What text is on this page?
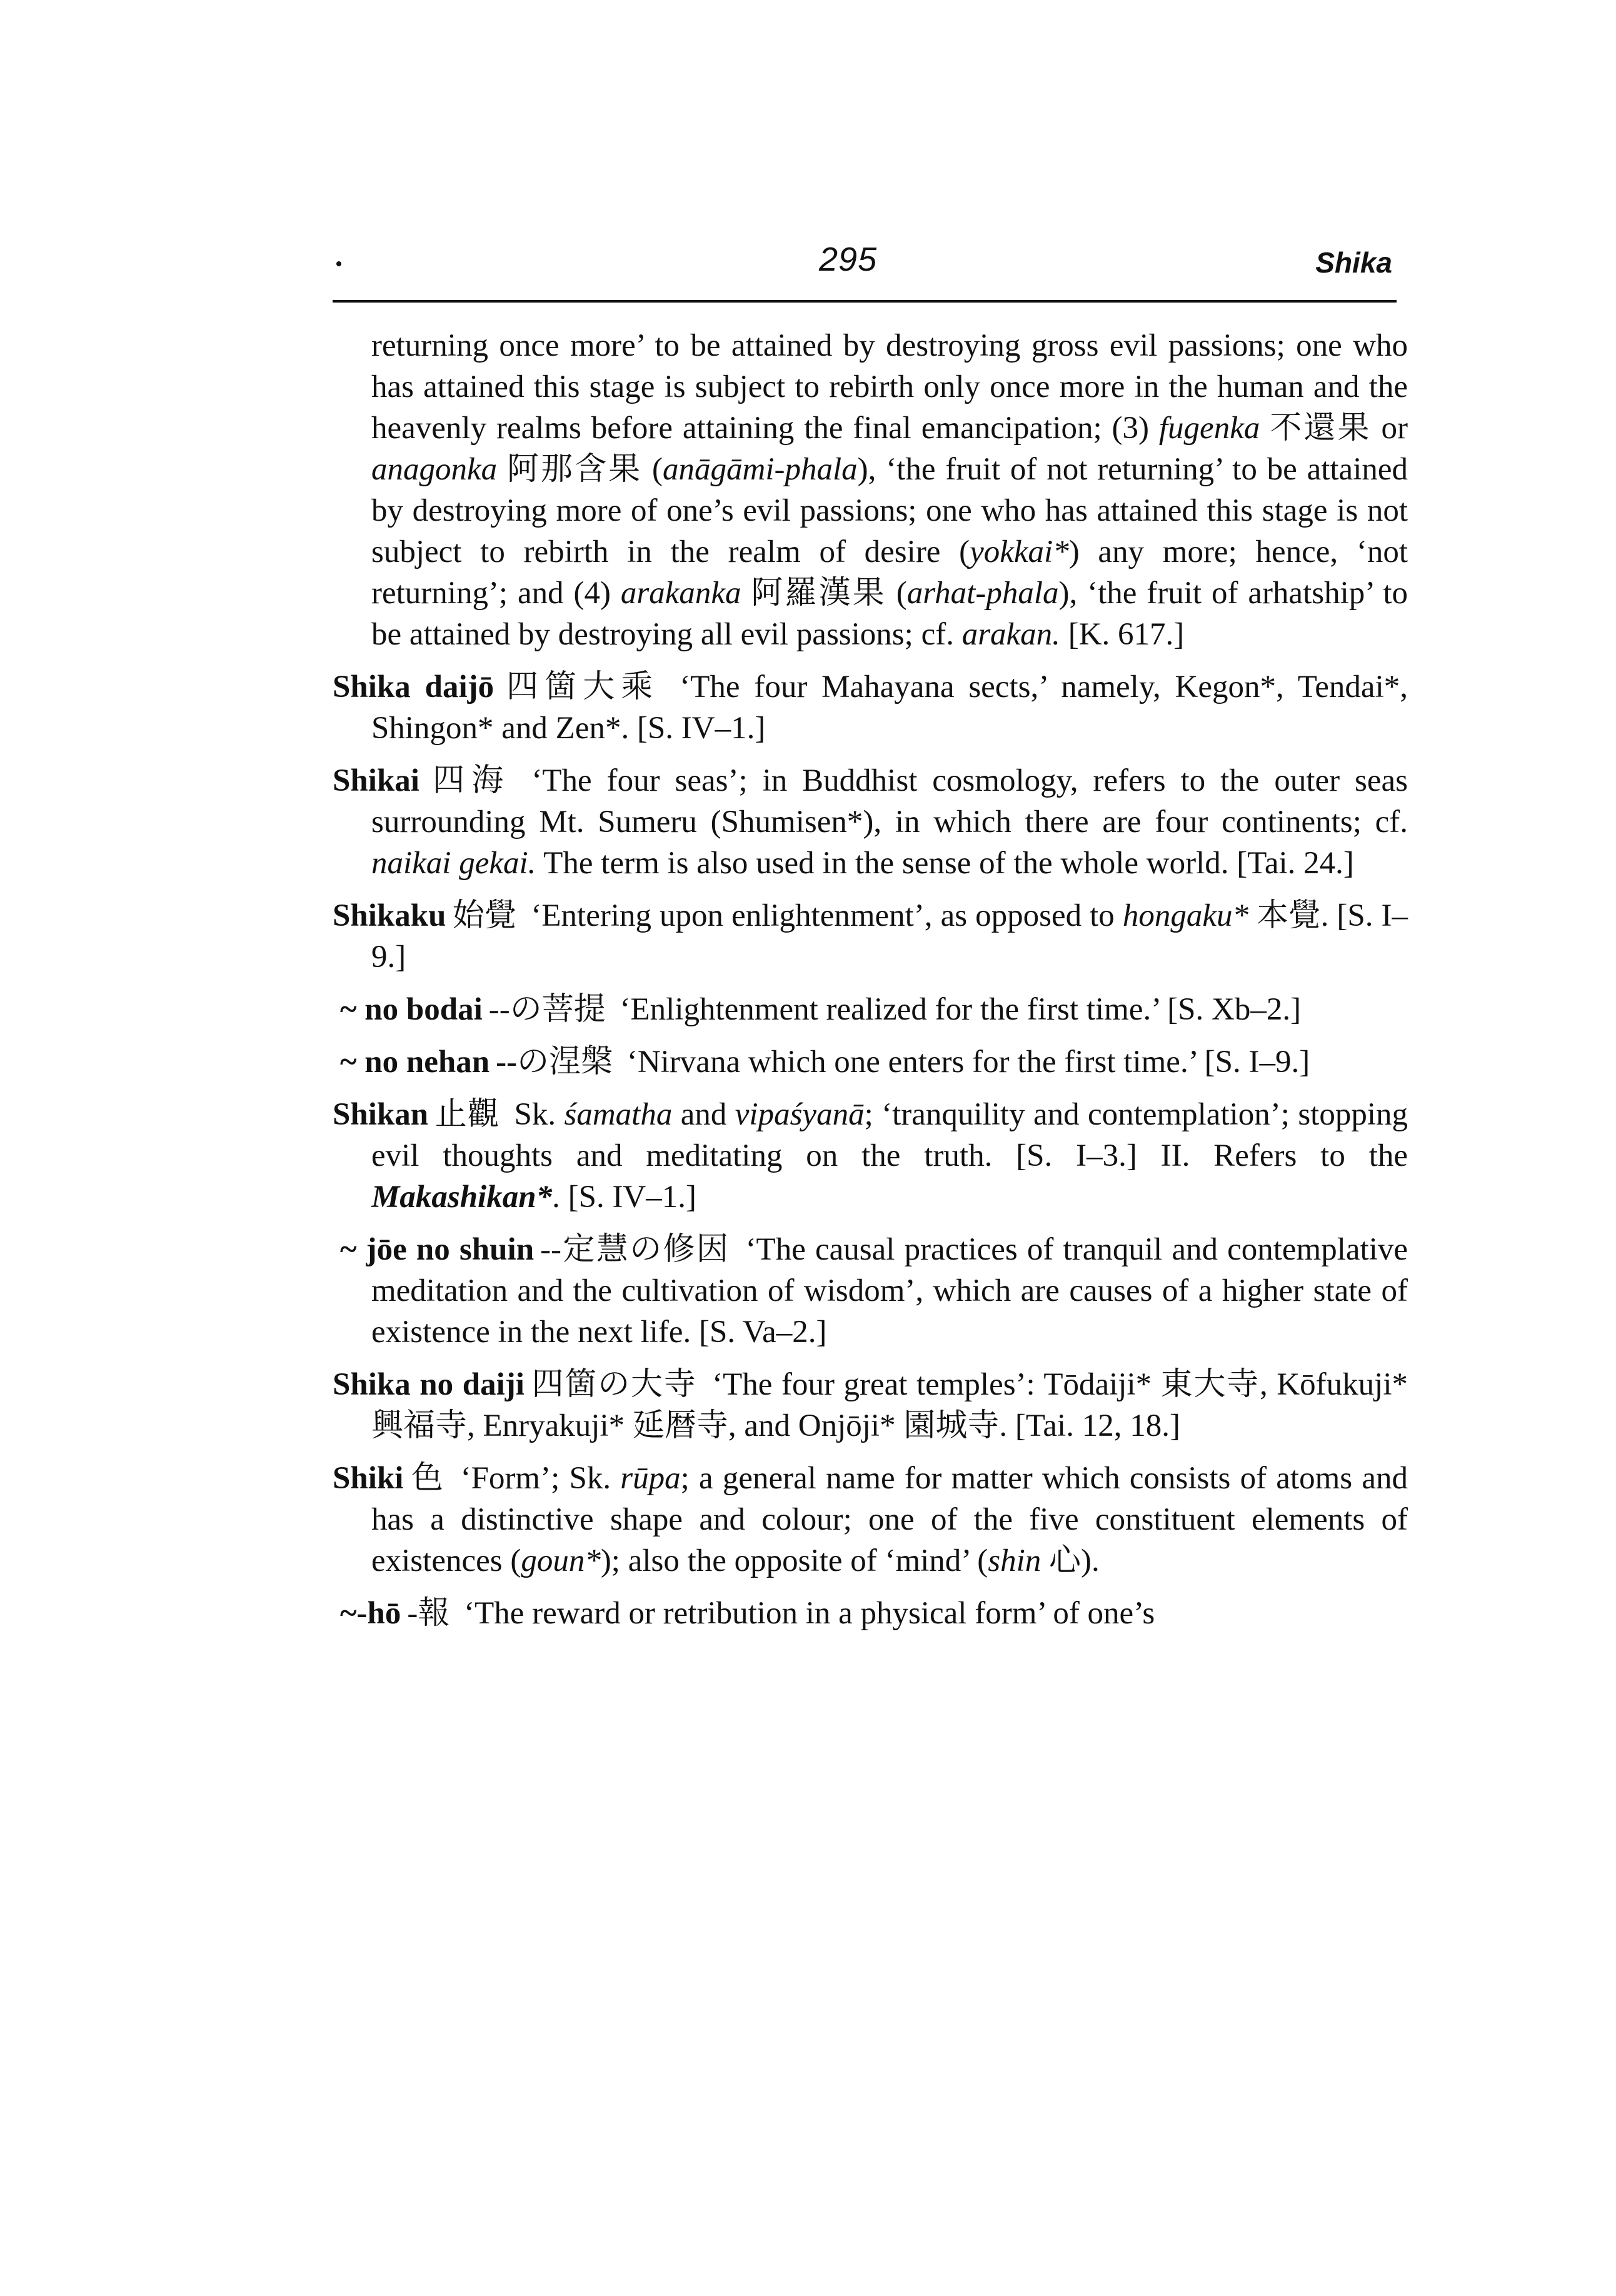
295	Shika

returning once more’ to be attained by destroying gross evil passions; one who has attained this stage is subject to rebirth only once more in the human and the heavenly realms before attaining the final emancipation; (3) fugenka 不還果 or anagonka 阿那含果 (anāgāmi-phala), ‘the fruit of not returning’ to be attained by destroying more of one’s evil passions; one who has attained this stage is not subject to rebirth in the realm of desire (yokkai*) any more; hence, ‘not returning’; and (4) arakanka 阿羅漢果 (arhat-phala), ‘the fruit of arhatship’ to be attained by destroying all evil passions; cf. arakan. [K. 617.]

Shika daijō 四箇大乘 ‘The four Mahayana sects,’ namely, Kegon*, Tendai*, Shingon* and Zen*. [S. IV–1.]

Shikai 四海 ‘The four seas’; in Buddhist cosmology, refers to the outer seas surrounding Mt. Sumeru (Shumisen*), in which there are four continents; cf. naikai gekai. The term is also used in the sense of the whole world. [Tai. 24.]

Shikaku 始覺 ‘Entering upon enlightenment’, as opposed to hongaku* 本覺. [S. I–9.]

~ no bodai --の菩提 ‘Enlightenment realized for the first time.’ [S. Xb–2.]

~ no nehan --の涅槃 ‘Nirvana which one enters for the first time.’ [S. I–9.]

Shikan 止觀 Sk. śamatha and vipaśyanā; ‘tranquility and contemplation’; stopping evil thoughts and meditating on the truth. [S. I–3.] II. Refers to the Makashikan*. [S. IV–1.]

~ jōe no shuin --定慧の修因 ‘The causal practices of tranquil and contemplative meditation and the cultivation of wisdom’, which are causes of a higher state of existence in the next life. [S. Va–2.]

Shika no daiji 四箇の大寺 ‘The four great temples’: Tōdaiji* 東大寺, Kōfukuji* 興福寺, Enryakuji* 延暦寺, and Onjōji* 園城寺. [Tai. 12, 18.]

Shiki 色 ‘Form’; Sk. rūpa; a general name for matter which consists of atoms and has a distinctive shape and colour; one of the five constituent elements of existences (goun*); also the opposite of ‘mind’ (shin 心).

~-hō -報 ‘The reward or retribution in a physical form’ of one’s
